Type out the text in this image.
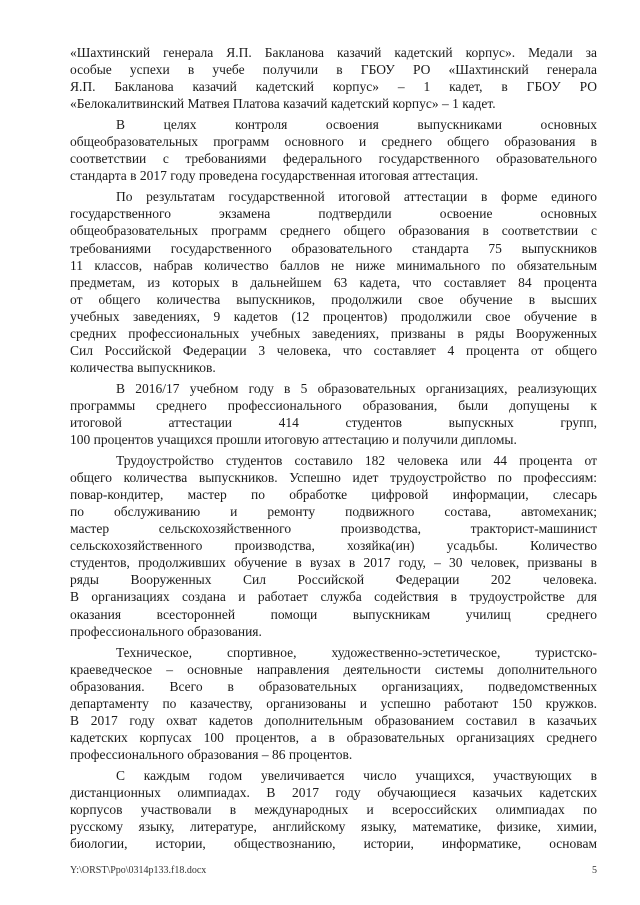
«Шахтинский генерала Я.П. Бакланова казачий кадетский корпус». Медали за
особые успехи в учебе получили в ГБОУ РО «Шахтинский генерала
Я.П. Бакланова казачий кадетский корпус» – 1 кадет, в ГБОУ РО
«Белокалитвинский Матвея Платова казачий кадетский корпус» – 1 кадет.
В целях контроля освоения выпускниками основных
общеобразовательных программ основного и среднего общего образования в
соответствии с требованиями федерального государственного образовательного
стандарта в 2017 году проведена государственная итоговая аттестация.
По результатам государственной итоговой аттестации в форме единого
государственного экзамена подтвердили освоение основных
общеобразовательных программ среднего общего образования в соответствии с
требованиями государственного образовательного стандарта 75 выпускников
11 классов, набрав количество баллов не ниже минимального по обязательным
предметам, из которых в дальнейшем 63 кадета, что составляет 84 процента
от общего количества выпускников, продолжили свое обучение в высших
учебных заведениях, 9 кадетов (12 процентов) продолжили свое обучение в
средних профессиональных учебных заведениях, призваны в ряды Вооруженных
Сил Российской Федерации 3 человека, что составляет 4 процента от общего
количества выпускников.
В 2016/17 учебном году в 5 образовательных организациях, реализующих
программы среднего профессионального образования, были допущены к
итоговой аттестации 414 студентов выпускных групп,
100 процентов учащихся прошли итоговую аттестацию и получили дипломы.
Трудоустройство студентов составило 182 человека или 44 процента от
общего количества выпускников. Успешно идет трудоустройство по профессиям:
повар-кондитер, мастер по обработке цифровой информации, слесарь
по обслуживанию и ремонту подвижного состава, автомеханик;
мастер сельскохозяйственного производства, тракторист-машинист
сельскохозяйственного производства, хозяйка(ин) усадьбы. Количество
студентов, продолживших обучение в вузах в 2017 году, – 30 человек, призваны в
ряды Вооруженных Сил Российской Федерации 202 человека.
В организациях создана и работает служба содействия в трудоустройстве для
оказания всесторонней помощи выпускникам училищ среднего
профессионального образования.
Техническое, спортивное, художественно-эстетическое, туристско-
краеведческое – основные направления деятельности системы дополнительного
образования. Всего в образовательных организациях, подведомственных
департаменту по казачеству, организованы и успешно работают 150 кружков.
В 2017 году охват кадетов дополнительным образованием составил в казачьих
кадетских корпусах 100 процентов, а в образовательных организациях среднего
профессионального образования – 86 процентов.
С каждым годом увеличивается число учащихся, участвующих в
дистанционных олимпиадах. В 2017 году обучающиеся казачьих кадетских
корпусов участвовали в международных и всероссийских олимпиадах по
русскому языку, литературе, английскому языку, математике, физике, химии,
биологии, истории, обществознанию, истории, информатике, основам
Y:\ORST\Ppo\0314p133.f18.docx	5
